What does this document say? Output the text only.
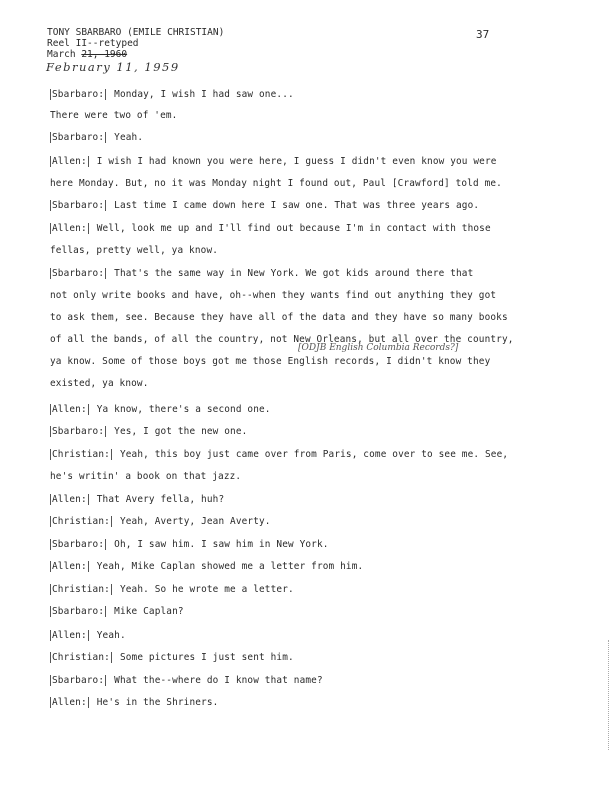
TONY SBARBARO (EMILE CHRISTIAN)
Reel II--retyped
March 21, 1960
February 11, 1959
37
Sbarbaro: Monday, I wish I had saw one...
There were two of 'em.
Sbarbaro: Yeah.
Allen: I wish I had known you were here, I guess I didn't even know you were
here Monday. But, no it was Monday night I found out, Paul [Crawford] told me.
Sbarbaro: Last time I came down here I saw one. That was three years ago.
Allen: Well, look me up and I'll find out because I'm in contact with those
fellas, pretty well, ya know.
Sbarbaro: That's the same way in New York. We got kids around there that
not only write books and have, oh--when they wants find out anything they got
to ask them, see. Because they have all of the data and they have so many books
of all the bands, of all the country, not New Orleans, but all over the country,
ya know. Some of those boys got me those English records, I didn't know they
existed, ya know.
Allen: Ya know, there's a second one.
Sbarbaro: Yes, I got the new one.
Christian: Yeah, this boy just came over from Paris, come over to see me. See,
he's writin' a book on that jazz.
Allen: That Avery fella, huh?
Christian: Yeah, Averty, Jean Averty.
Sbarbaro: Oh, I saw him. I saw him in New York.
Allen: Yeah, Mike Caplan showed me a letter from him.
Christian: Yeah. So he wrote me a letter.
Sbarbaro: Mike Caplan?
Allen: Yeah.
Christian: Some pictures I just sent him.
Sbarbaro: What the--where do I know that name?
Allen: He's in the Shriners.
[ODJB English Columbia Records?]
